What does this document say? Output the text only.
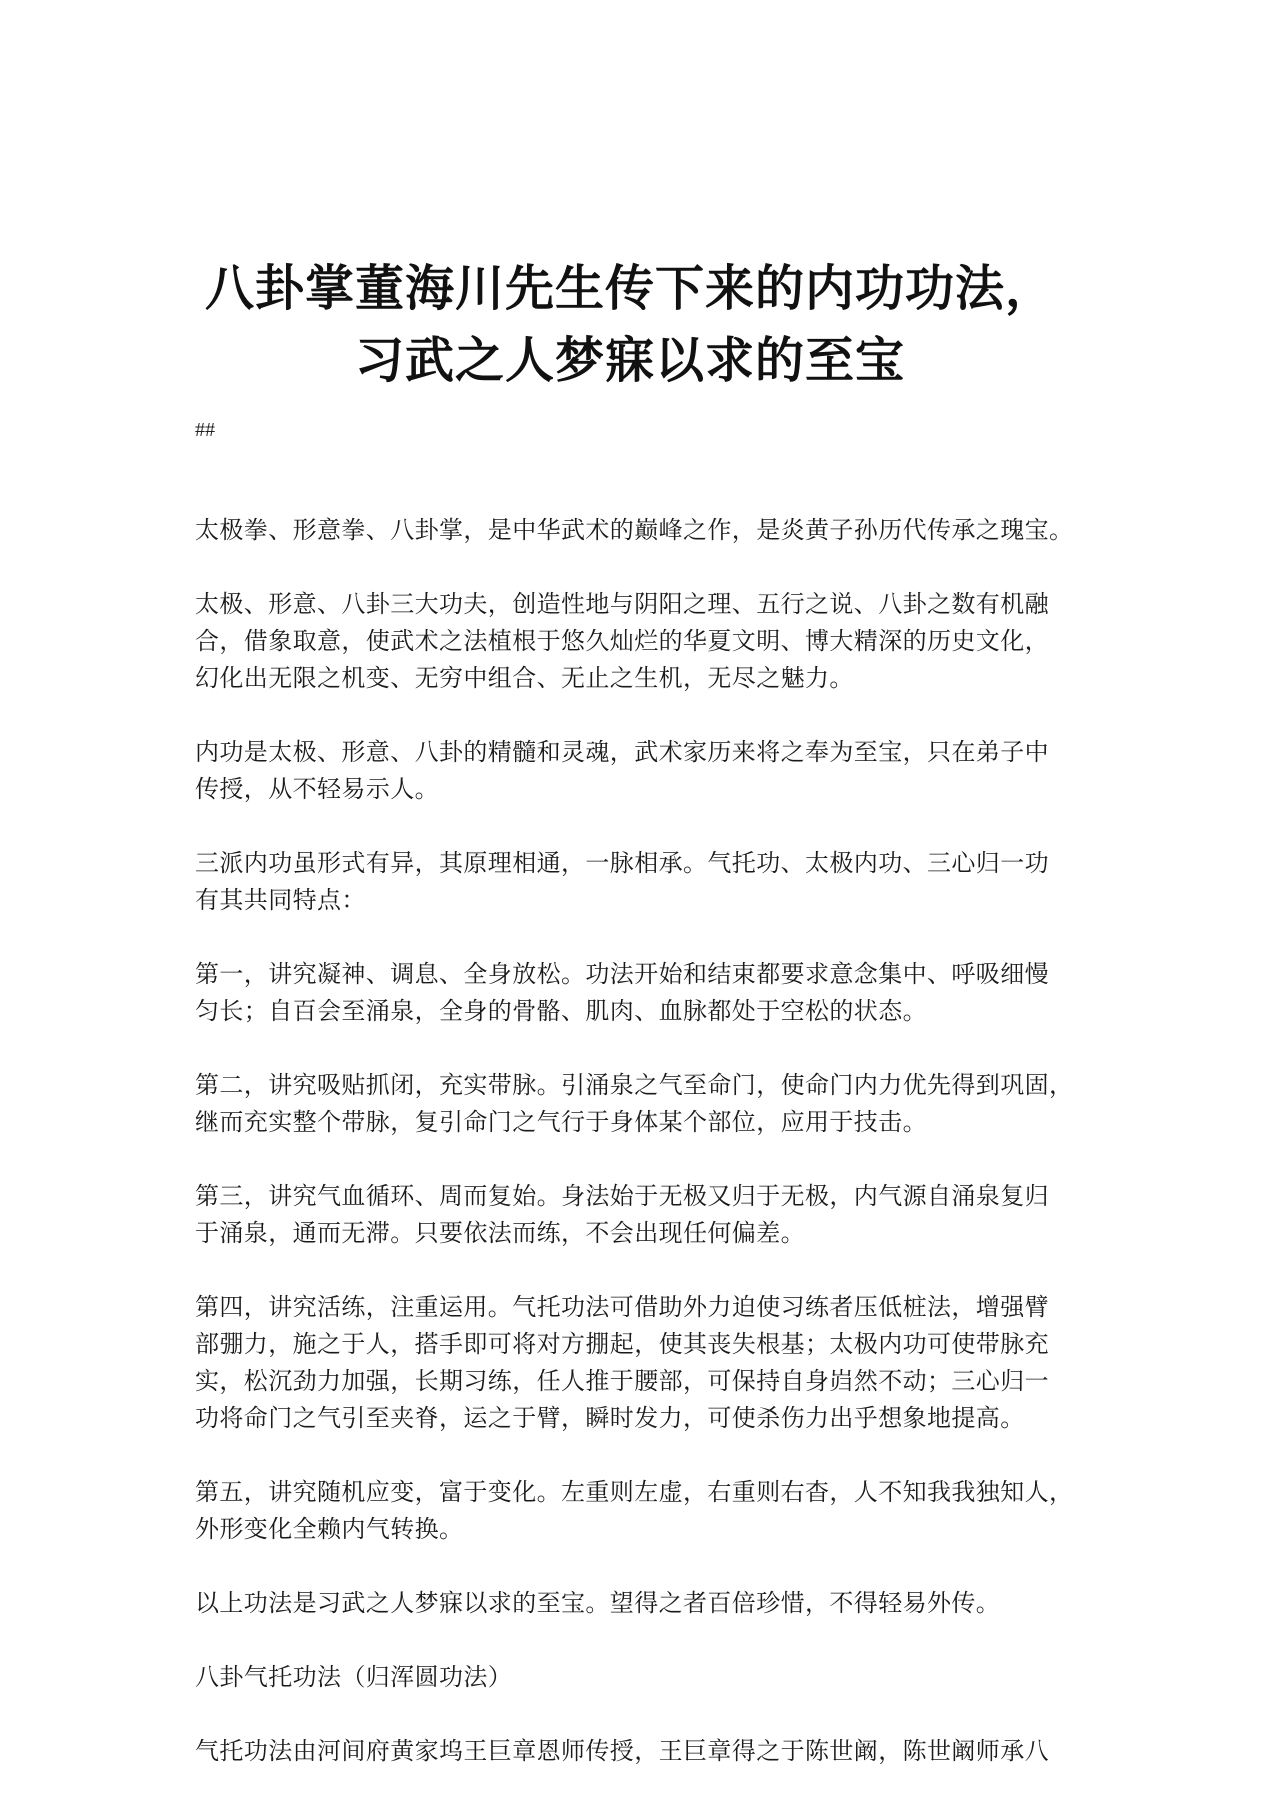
八卦掌董海川先生传下来的内功功法，
习武之人梦寐以求的至宝

##

太极拳、形意拳、八卦掌，是中华武术的巅峰之作，是炎黄子孙历代传承之瑰宝。

太极、形意、八卦三大功夫，创造性地与阴阳之理、五行之说、八卦之数有机融
合，借象取意，使武术之法植根于悠久灿烂的华夏文明、博大精深的历史文化，
幻化出无限之机变、无穷中组合、无止之生机，无尽之魅力。

内功是太极、形意、八卦的精髓和灵魂，武术家历来将之奉为至宝，只在弟子中
传授，从不轻易示人。

三派内功虽形式有异，其原理相通，一脉相承。气托功、太极内功、三心归一功
有其共同特点：

第一，讲究凝神、调息、全身放松。功法开始和结束都要求意念集中、呼吸细慢
匀长；自百会至涌泉，全身的骨骼、肌肉、血脉都处于空松的状态。

第二，讲究吸贴抓闭，充实带脉。引涌泉之气至命门，使命门内力优先得到巩固，
继而充实整个带脉，复引命门之气行于身体某个部位，应用于技击。

第三，讲究气血循环、周而复始。身法始于无极又归于无极，内气源自涌泉复归
于涌泉，通而无滞。只要依法而练，不会出现任何偏差。

第四，讲究活练，注重运用。气托功法可借助外力迫使习练者压低桩法，增强臂
部弸力，施之于人，搭手即可将对方掤起，使其丧失根基；太极内功可使带脉充
实，松沉劲力加强，长期习练，任人推于腰部，可保持自身岿然不动；三心归一
功将命门之气引至夹脊，运之于臂，瞬时发力，可使杀伤力出乎想象地提高。

第五，讲究随机应变，富于变化。左重则左虚，右重则右杳，人不知我我独知人，
外形变化全赖内气转换。

以上功法是习武之人梦寐以求的至宝。望得之者百倍珍惜，不得轻易外传。

八卦气托功法（归浑圆功法）

气托功法由河间府黄家坞王巨章恩师传授，王巨章得之于陈世阚，陈世阚师承八
